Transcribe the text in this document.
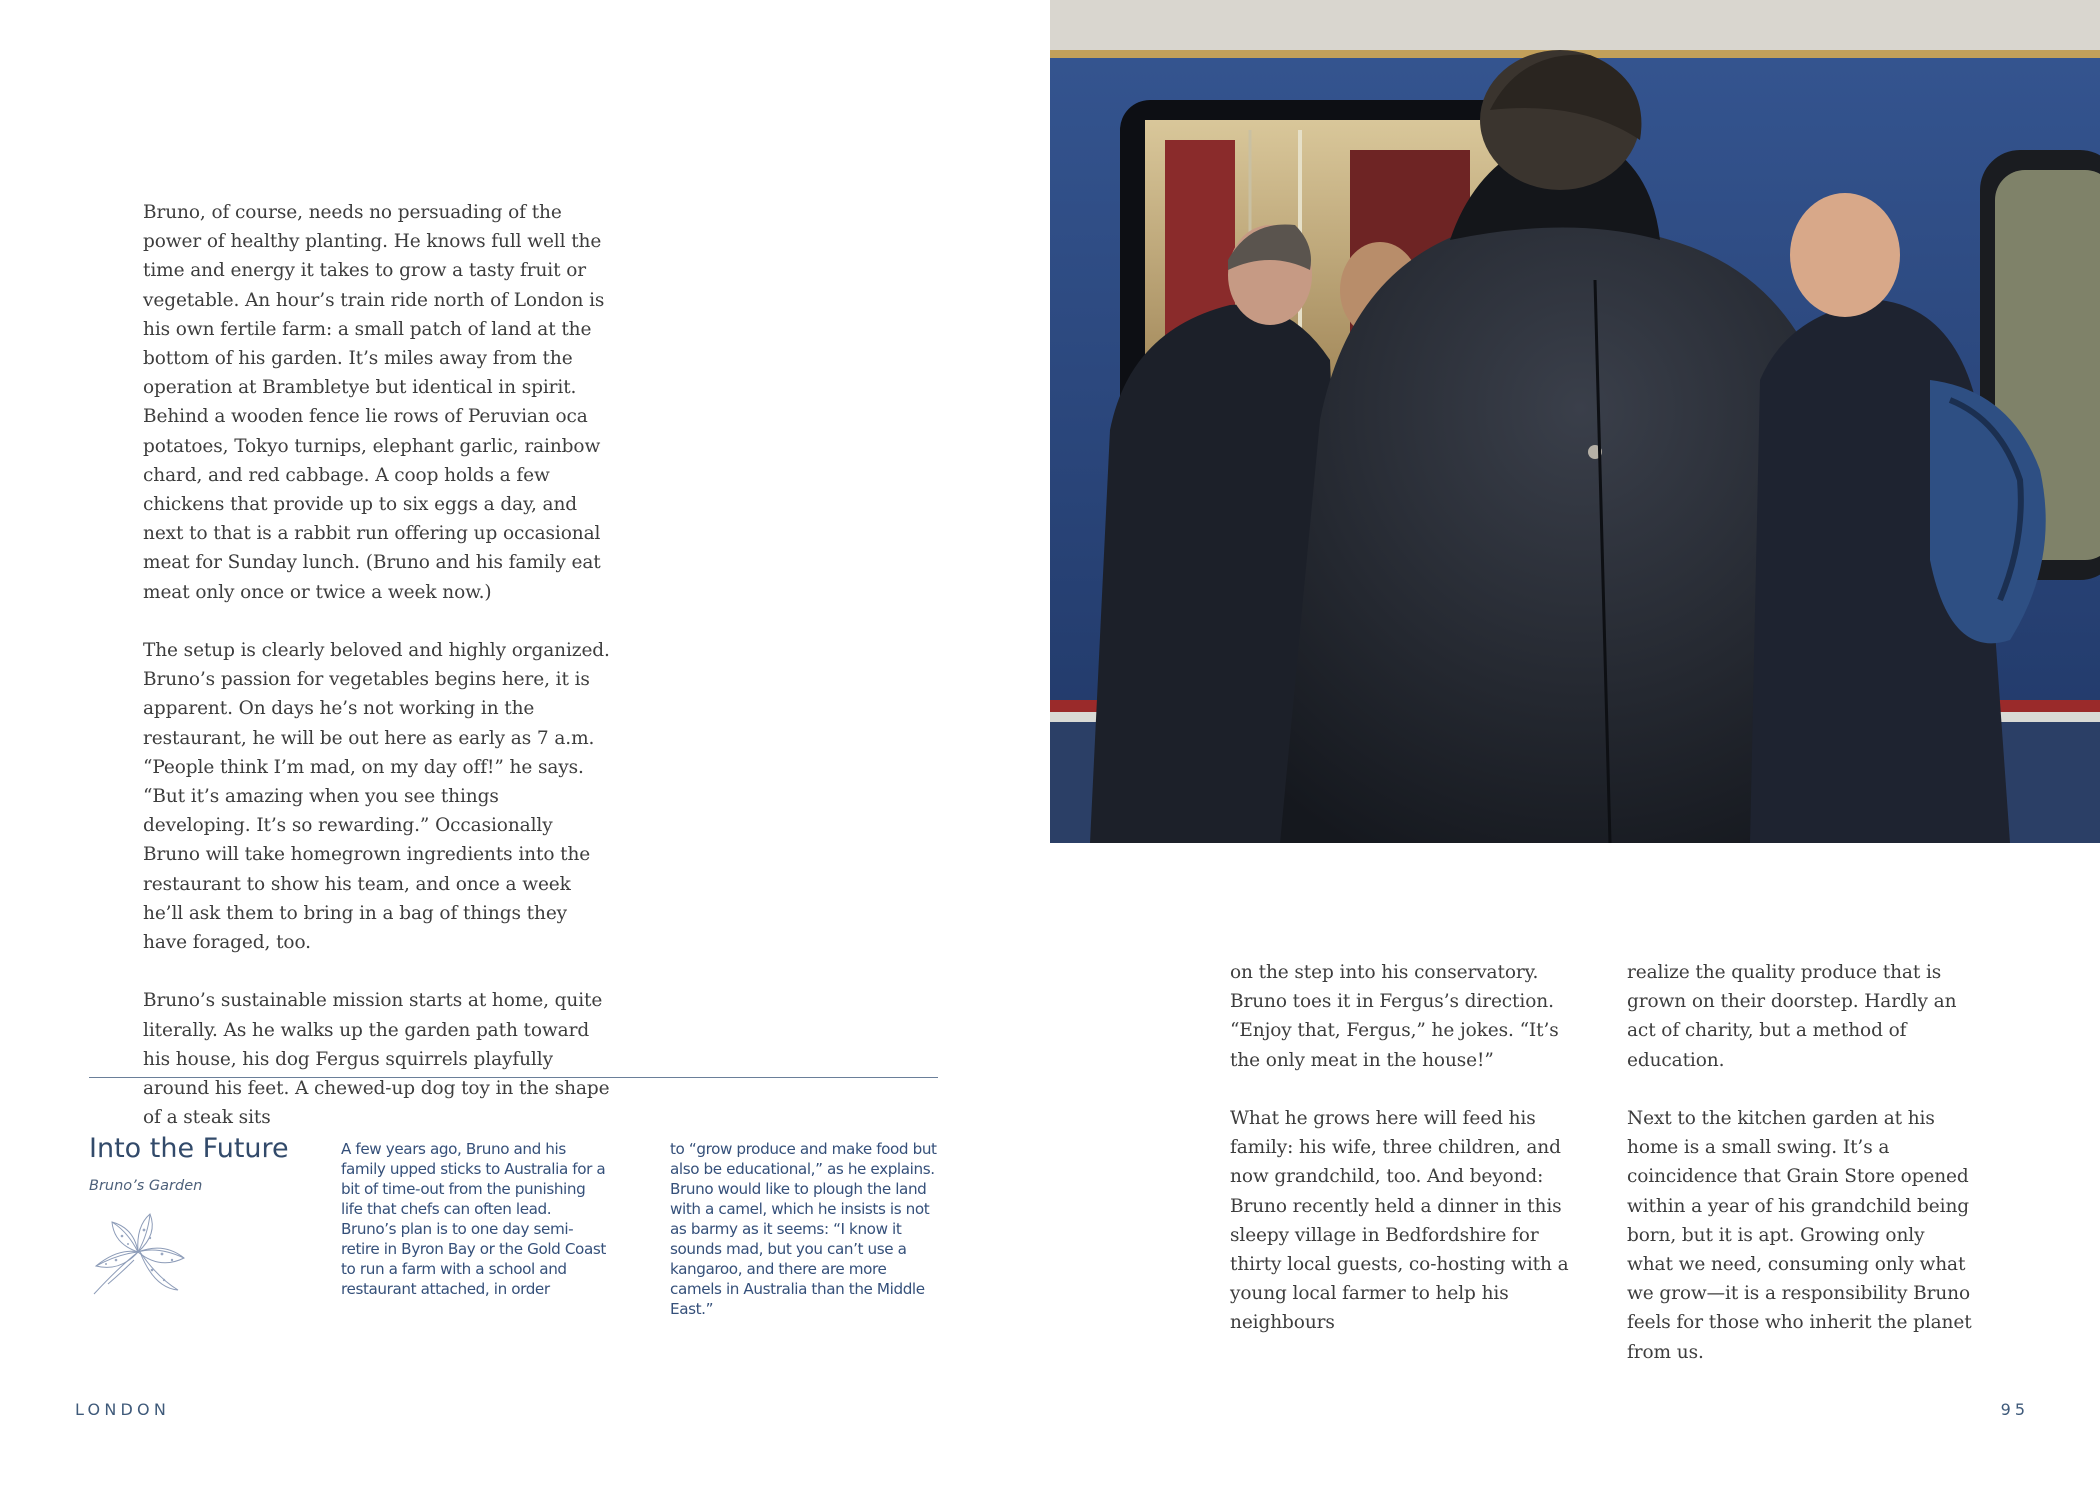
Bruno, of course, needs no persuading of the power of healthy planting. He knows full well the time and energy it takes to grow a tasty fruit or vegetable. An hour’s train ride north of London is his own fertile farm: a small patch of land at the bottom of his garden. It’s miles away from the operation at Brambletye but identical in spirit. Behind a wooden fence lie rows of Peruvian oca potatoes, Tokyo turnips, elephant garlic, rainbow chard, and red cabbage. A coop holds a few chickens that provide up to six eggs a day, and next to that is a rabbit run offering up occasional meat for Sunday lunch. (Bruno and his family eat meat only once or twice a week now.)

The setup is clearly beloved and highly organized. Bruno’s passion for vegetables begins here, it is apparent. On days he’s not working in the restaurant, he will be out here as early as 7 a.m. “People think I’m mad, on my day off!” he says. “But it’s amazing when you see things developing. It’s so rewarding.” Occasionally Bruno will take homegrown ingredients into the restaurant to show his team, and once a week he’ll ask them to bring in a bag of things they have foraged, too.

Bruno’s sustainable mission starts at home, quite literally. As he walks up the garden path toward his house, his dog Fergus squirrels playfully around his feet. A chewed-up dog toy in the shape of a steak sits

on the step into his conservatory. Bruno toes it in Fergus’s direction. “Enjoy that, Fergus,” he jokes. “It’s the only meat in the house!”

What he grows here will feed his family: his wife, three children, and now grandchild, too. And beyond: Bruno recently held a dinner in this sleepy village in Bedfordshire for thirty local guests, co-hosting with a young local farmer to help his neighbours

realize the quality produce that is grown on their doorstep. Hardly an act of charity, but a method of education.

Next to the kitchen garden at his home is a small swing. It’s a coincidence that Grain Store opened within a year of his grandchild being born, but it is apt. Growing only what we need, consuming only what we grow—it is a responsibility Bruno feels for those who inherit the planet from us.

Into the Future
Bruno’s Garden
A few years ago, Bruno and his family upped sticks to Australia for a bit of time-out from the punishing life that chefs can often lead. Bruno’s plan is to one day semi-retire in Byron Bay or the Gold Coast to run a farm with a school and restaurant attached, in order
to “grow produce and make food but also be educational,” as he explains. Bruno would like to plough the land with a camel, which he insists is not as barmy as it seems: “I know it sounds mad, but you can’t use a kangaroo, and there are more camels in Australia than the Middle East.”
LONDON	95
